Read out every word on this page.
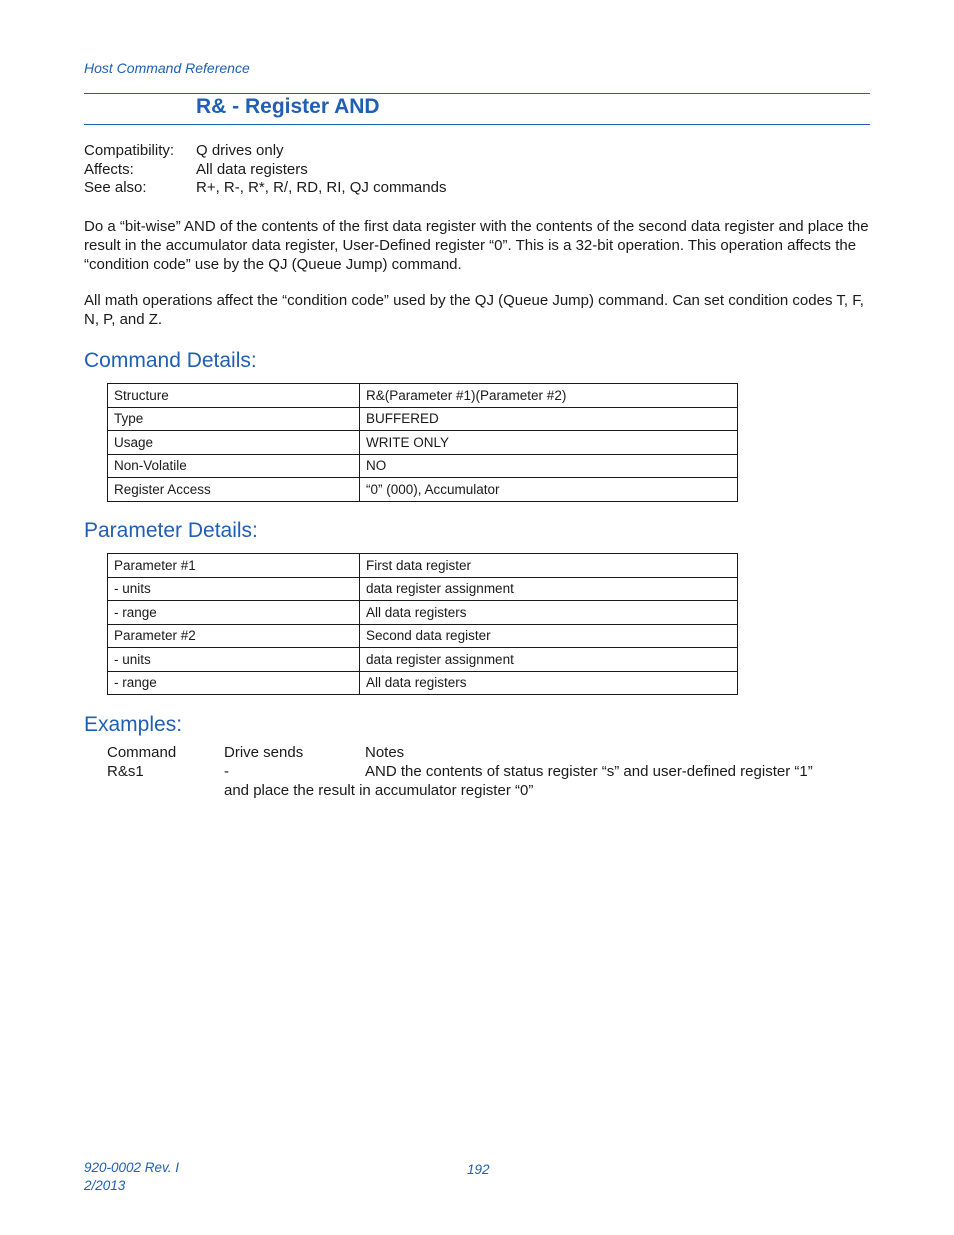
Host Command Reference
R& - Register AND
Compatibility:	Q drives only
Affects:	All data registers
See also:	R+, R-, R*, R/, RD, RI, QJ commands

Do a “bit-wise” AND of the contents of the first data register with the contents of the second data register and place the result in the accumulator data register, User-Defined register “0”. This is a 32-bit operation. This operation affects the “condition code” use by the QJ (Queue Jump) command.

All math operations affect the “condition code” used by the QJ (Queue Jump) command. Can set condition codes T, F, N, P, and Z.

Command Details:
Structure	R&(Parameter #1)(Parameter #2)
Type	BUFFERED
Usage	WRITE ONLY
Non-Volatile	NO
Register Access	“0” (000), Accumulator
Parameter Details:
Parameter #1	First data register
- units	data register assignment
- range	All data registers
Parameter #2	Second data register
- units	data register assignment
- range	All data registers
Examples:
Command	Drive sends	Notes
R&s1	-	AND the contents of status register “s” and user-defined register “1”
and place the result in accumulator register “0”
920-0002 Rev. I
2/2013
192
